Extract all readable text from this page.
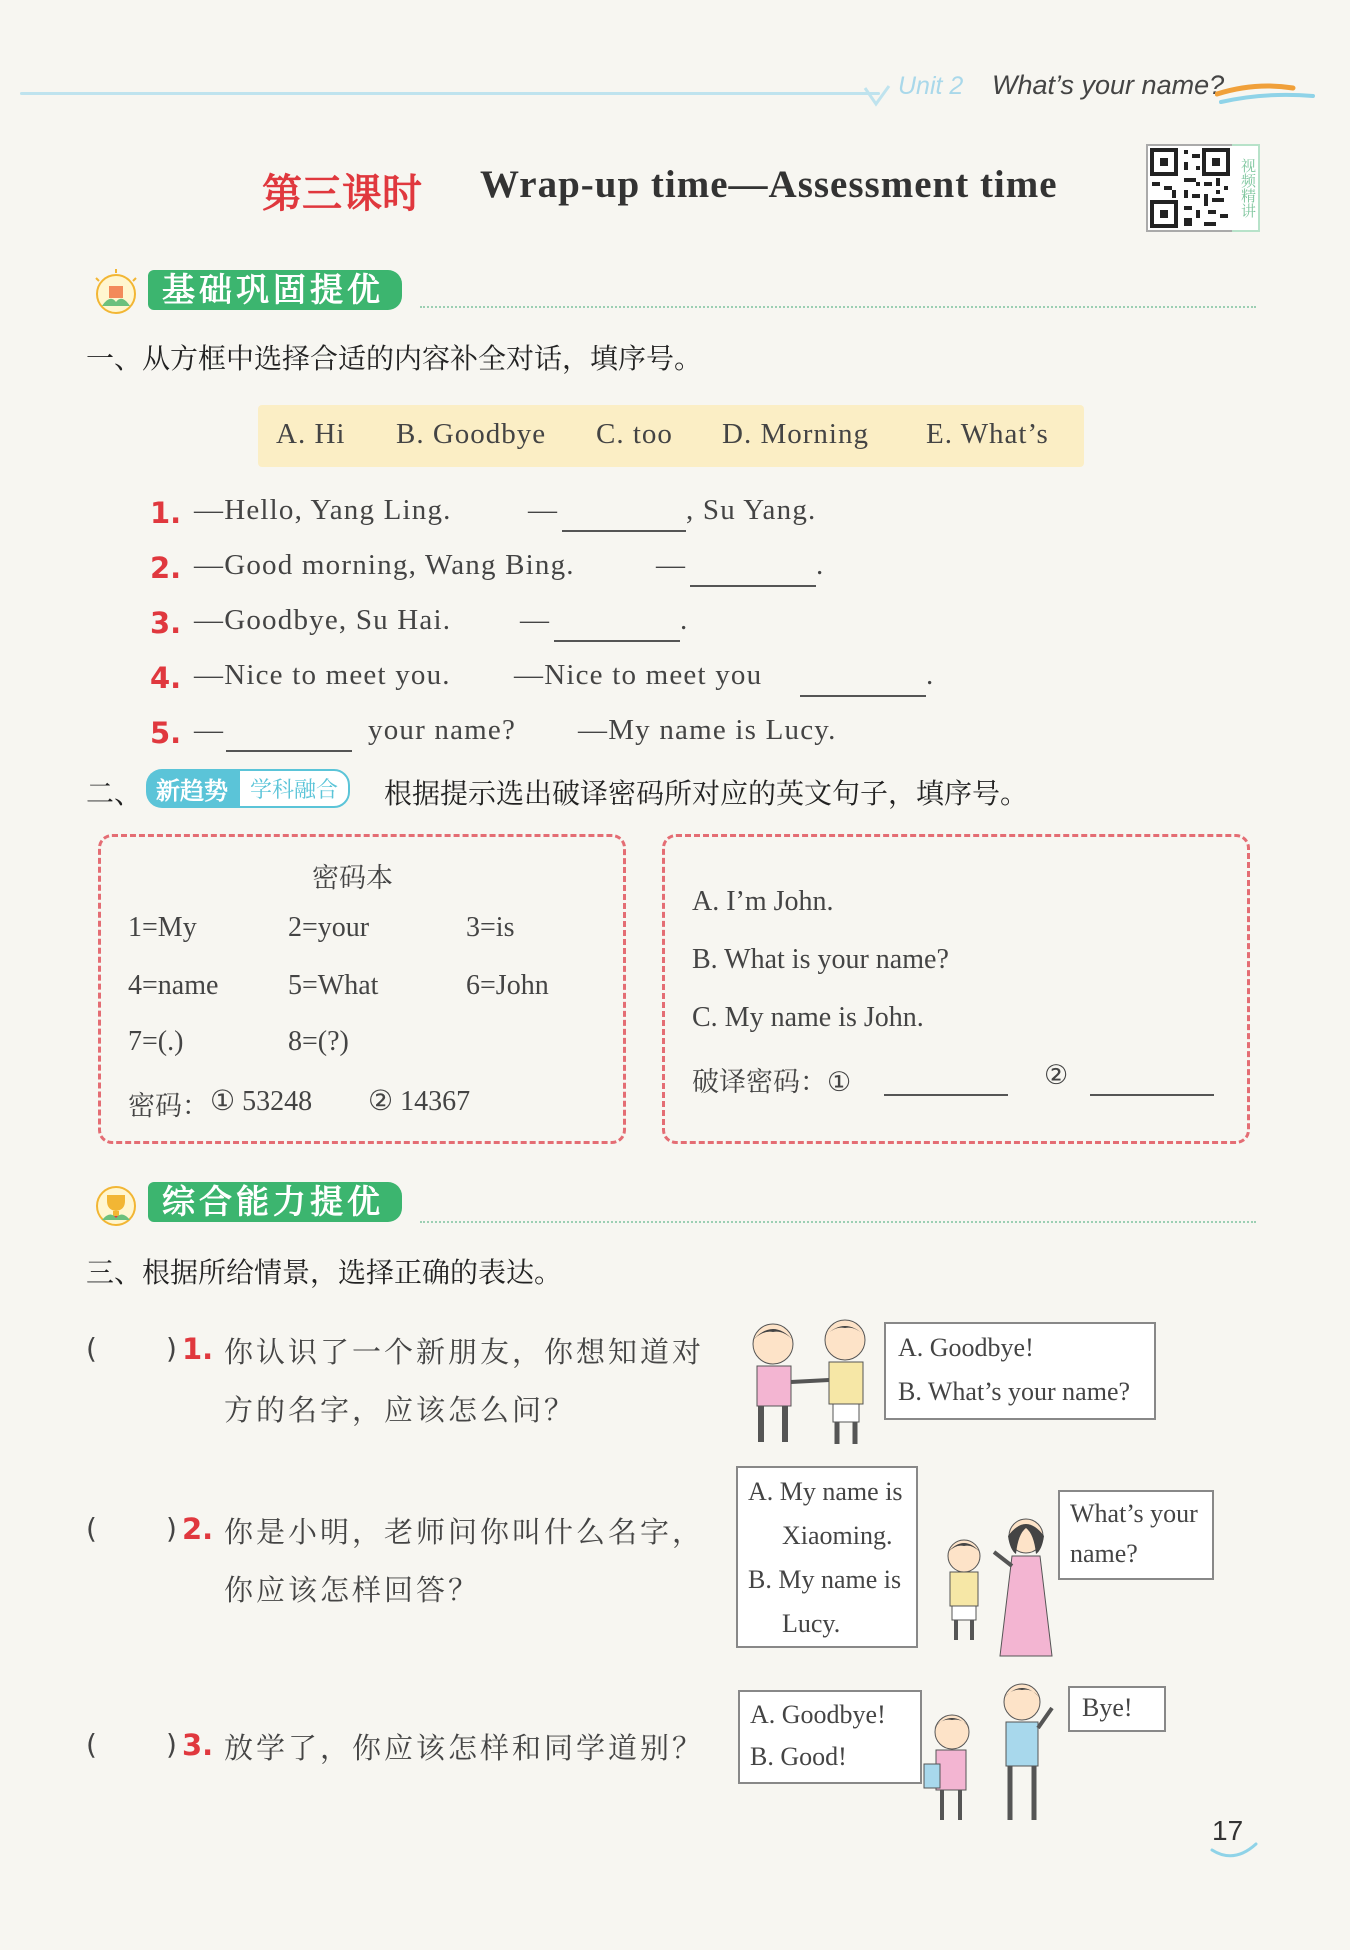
Unit 2 What’s your name?
第三课时 Wrap-up time—Assessment time	视频精讲
基础巩固提优
一、从方框中选择合适的内容补全对话，填序号。
A. Hi B. Goodbye C. too D. Morning E. What’s
1. —Hello, Yang Ling.	—	, Su Yang.
2. —Good morning, Wang Bing.	—	.
3. —Goodbye, Su Hai. —	.
4. —Nice to meet you. —Nice to meet you	.
5. —	your name? —My name is Lucy.
二、 新趋势	学科融合	根据提示选出破译密码所对应的英文句子，填序号。
密码本
1=My	2=your	3=is
4=name 5=What	6=John
7=(.)	8=(?)
密码： ① 53248 ② 14367
A. I’m John.
B. What is your name?
C. My name is John.
破译密码：①	②
综合能力提优
三、根据所给情景，选择正确的表达。
( ) 1. 你认识了一个新朋友，你想知道对
方的名字，应该怎么问？
A. Goodbye!
B. What’s your name?
( ) 2. 你是小明，老师问你叫什么名字，
你应该怎样回答？
A. My name is
Xiaoming.
B. My name is
Lucy.
What’s your
name?
( ) 3. 放学了，你应该怎样和同学道别？
A. Goodbye!
B. Good!
Bye!
17
